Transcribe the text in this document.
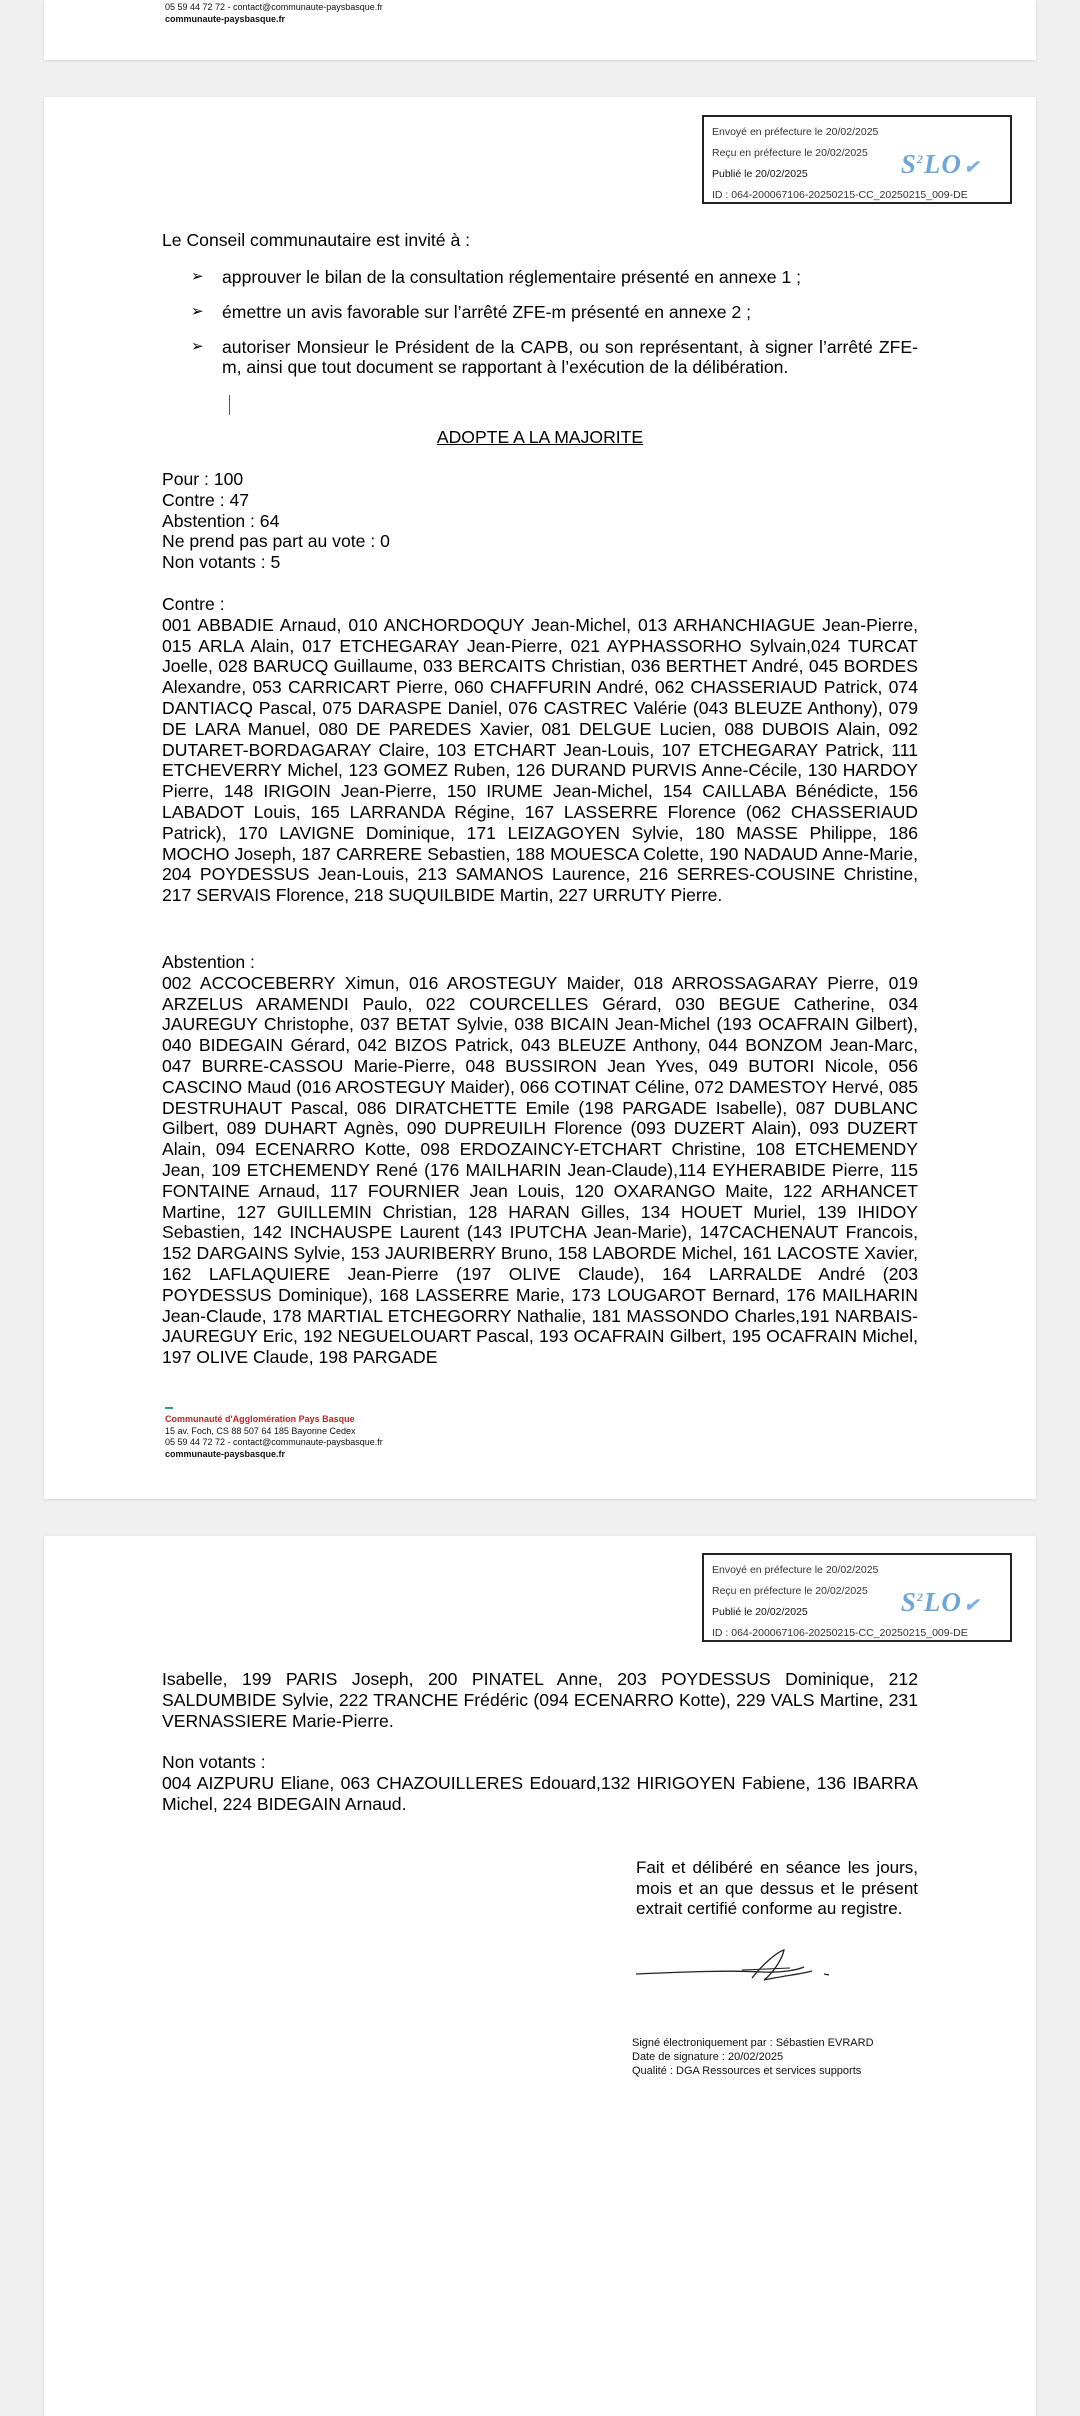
05 59 44 72 72 - contact@communaute-paysbasque.fr
communaute-paysbasque.fr
Envoyé en préfecture le 20/02/2025
Reçu en préfecture le 20/02/2025
Publié le 20/02/2025
ID : 064-200067106-20250215-CC_20250215_009-DE
$S^2LO$ ✔
Le Conseil communautaire est invité à :
➢ approuver le bilan de la consultation réglementaire présenté en annexe 1 ;
➢ émettre un avis favorable sur l’arrêté ZFE-m présenté en annexe 2 ;
➢ autoriser Monsieur le Président de la CAPB, ou son représentant, à signer l’arrêté ZFE-m, ainsi que tout document se rapportant à l’exécution de la délibération.
ADOPTE A LA MAJORITE
Pour : 100
Contre : 47
Abstention : 64
Ne prend pas part au vote : 0
Non votants : 5
Contre :
001 ABBADIE Arnaud, 010 ANCHORDOQUY Jean-Michel, 013 ARHANCHIAGUE Jean-Pierre, 015 ARLA Alain, 017 ETCHEGARAY Jean-Pierre, 021 AYPHASSORHO Sylvain,024 TURCAT Joelle, 028 BARUCQ Guillaume, 033 BERCAITS Christian, 036 BERTHET André, 045 BORDES Alexandre, 053 CARRICART Pierre, 060 CHAFFURIN André, 062 CHASSERIAUD Patrick, 074 DANTIACQ Pascal, 075 DARASPE Daniel, 076 CASTREC Valérie (043 BLEUZE Anthony), 079 DE LARA Manuel, 080 DE PAREDES Xavier, 081 DELGUE Lucien, 088 DUBOIS Alain, 092 DUTARET-BORDAGARAY Claire, 103 ETCHART Jean-Louis, 107 ETCHEGARAY Patrick, 111 ETCHEVERRY Michel, 123 GOMEZ Ruben, 126 DURAND PURVIS Anne-Cécile, 130 HARDOY Pierre, 148 IRIGOIN Jean-Pierre, 150 IRUME Jean-Michel, 154 CAILLABA Bénédicte, 156 LABADOT Louis, 165 LARRANDA Régine, 167 LASSERRE Florence (062 CHASSERIAUD Patrick), 170 LAVIGNE Dominique, 171 LEIZAGOYEN Sylvie, 180 MASSE Philippe, 186 MOCHO Joseph, 187 CARRERE Sebastien, 188 MOUESCA Colette, 190 NADAUD Anne-Marie, 204 POYDESSUS Jean-Louis, 213 SAMANOS Laurence, 216 SERRES-COUSINE Christine, 217 SERVAIS Florence, 218 SUQUILBIDE Martin, 227 URRUTY Pierre.
Abstention :
002 ACCOCEBERRY Ximun, 016 AROSTEGUY Maider, 018 ARROSSAGARAY Pierre, 019 ARZELUS ARAMENDI Paulo, 022 COURCELLES Gérard, 030 BEGUE Catherine, 034 JAUREGUY Christophe, 037 BETAT Sylvie, 038 BICAIN Jean-Michel (193 OCAFRAIN Gilbert), 040 BIDEGAIN Gérard, 042 BIZOS Patrick, 043 BLEUZE Anthony, 044 BONZOM Jean-Marc, 047 BURRE-CASSOU Marie-Pierre, 048 BUSSIRON Jean Yves, 049 BUTORI Nicole, 056 CASCINO Maud (016 AROSTEGUY Maider), 066 COTINAT Céline, 072 DAMESTOY Hervé, 085 DESTRUHAUT Pascal, 086 DIRATCHETTE Emile (198 PARGADE Isabelle), 087 DUBLANC Gilbert, 089 DUHART Agnès, 090 DUPREUILH Florence (093 DUZERT Alain), 093 DUZERT Alain, 094 ECENARRO Kotte, 098 ERDOZAINCY-ETCHART Christine, 108 ETCHEMENDY Jean, 109 ETCHEMENDY René (176 MAILHARIN Jean-Claude),114 EYHERABIDE Pierre, 115 FONTAINE Arnaud, 117 FOURNIER Jean Louis, 120 OXARANGO Maite, 122 ARHANCET Martine, 127 GUILLEMIN Christian, 128 HARAN Gilles, 134 HOUET Muriel, 139 IHIDOY Sebastien, 142 INCHAUSPE Laurent (143 IPUTCHA Jean-Marie), 147CACHENAUT Francois, 152 DARGAINS Sylvie, 153 JAURIBERRY Bruno, 158 LABORDE Michel, 161 LACOSTE Xavier, 162 LAFLAQUIERE Jean-Pierre (197 OLIVE Claude), 164 LARRALDE André (203 POYDESSUS Dominique), 168 LASSERRE Marie, 173 LOUGAROT Bernard, 176 MAILHARIN Jean-Claude, 178 MARTIAL ETCHEGORRY Nathalie, 181 MASSONDO Charles,191 NARBAIS-JAUREGUY Eric, 192 NEGUELOUART Pascal, 193 OCAFRAIN Gilbert, 195 OCAFRAIN Michel, 197 OLIVE Claude, 198 PARGADE
Communauté d'Agglomération Pays Basque
15 av. Foch, CS 88 507 64 185 Bayonne Cedex
05 59 44 72 72 - contact@communaute-paysbasque.fr
communaute-paysbasque.fr
Envoyé en préfecture le 20/02/2025
Reçu en préfecture le 20/02/2025
Publié le 20/02/2025
ID : 064-200067106-20250215-CC_20250215_009-DE
$S^2LO$ ✔
Isabelle, 199 PARIS Joseph, 200 PINATEL Anne, 203 POYDESSUS Dominique, 212 SALDUMBIDE Sylvie, 222 TRANCHE Frédéric (094 ECENARRO Kotte), 229 VALS Martine, 231 VERNASSIERE Marie-Pierre.
Non votants :
004 AIZPURU Eliane, 063 CHAZOUILLERES Edouard,132 HIRIGOYEN Fabiene, 136 IBARRA Michel, 224 BIDEGAIN Arnaud.
Fait et délibéré en séance les jours, mois et an que dessus et le présent extrait certifié conforme au registre.
Signé électroniquement par : Sébastien EVRARD
Date de signature : 20/02/2025
Qualité : DGA Ressources et services supports
